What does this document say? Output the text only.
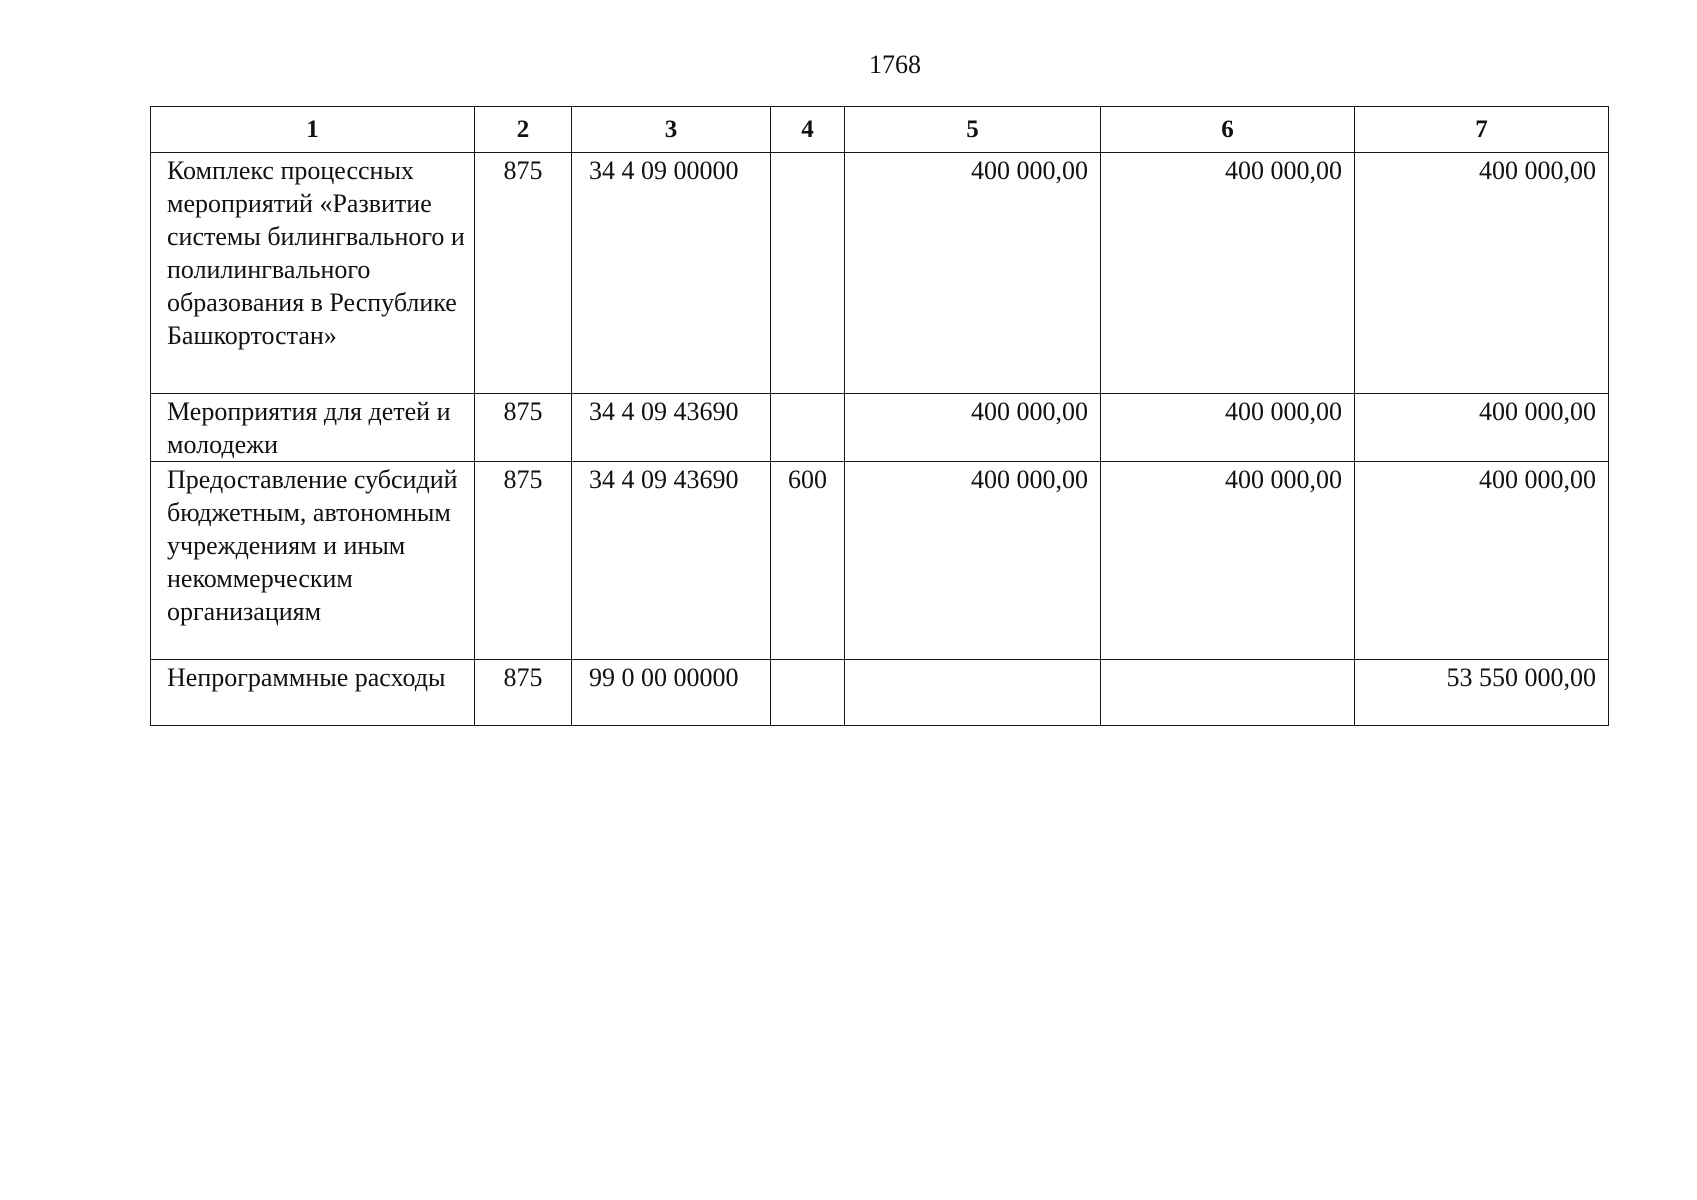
1768
1	2	3	4	5	6	7
Комплекс процессных мероприятий «Развитие системы билингвального и полилингвального образования в Республике Башкортостан»	875	34 4 09 00000		400 000,00	400 000,00	400 000,00
Мероприятия для детей и молодежи	875	34 4 09 43690		400 000,00	400 000,00	400 000,00
Предоставление субсидий бюджетным, автономным учреждениям и иным некоммерческим организациям	875	34 4 09 43690	600	400 000,00	400 000,00	400 000,00
Непрограммные расходы	875	99 0 00 00000				53 550 000,00
